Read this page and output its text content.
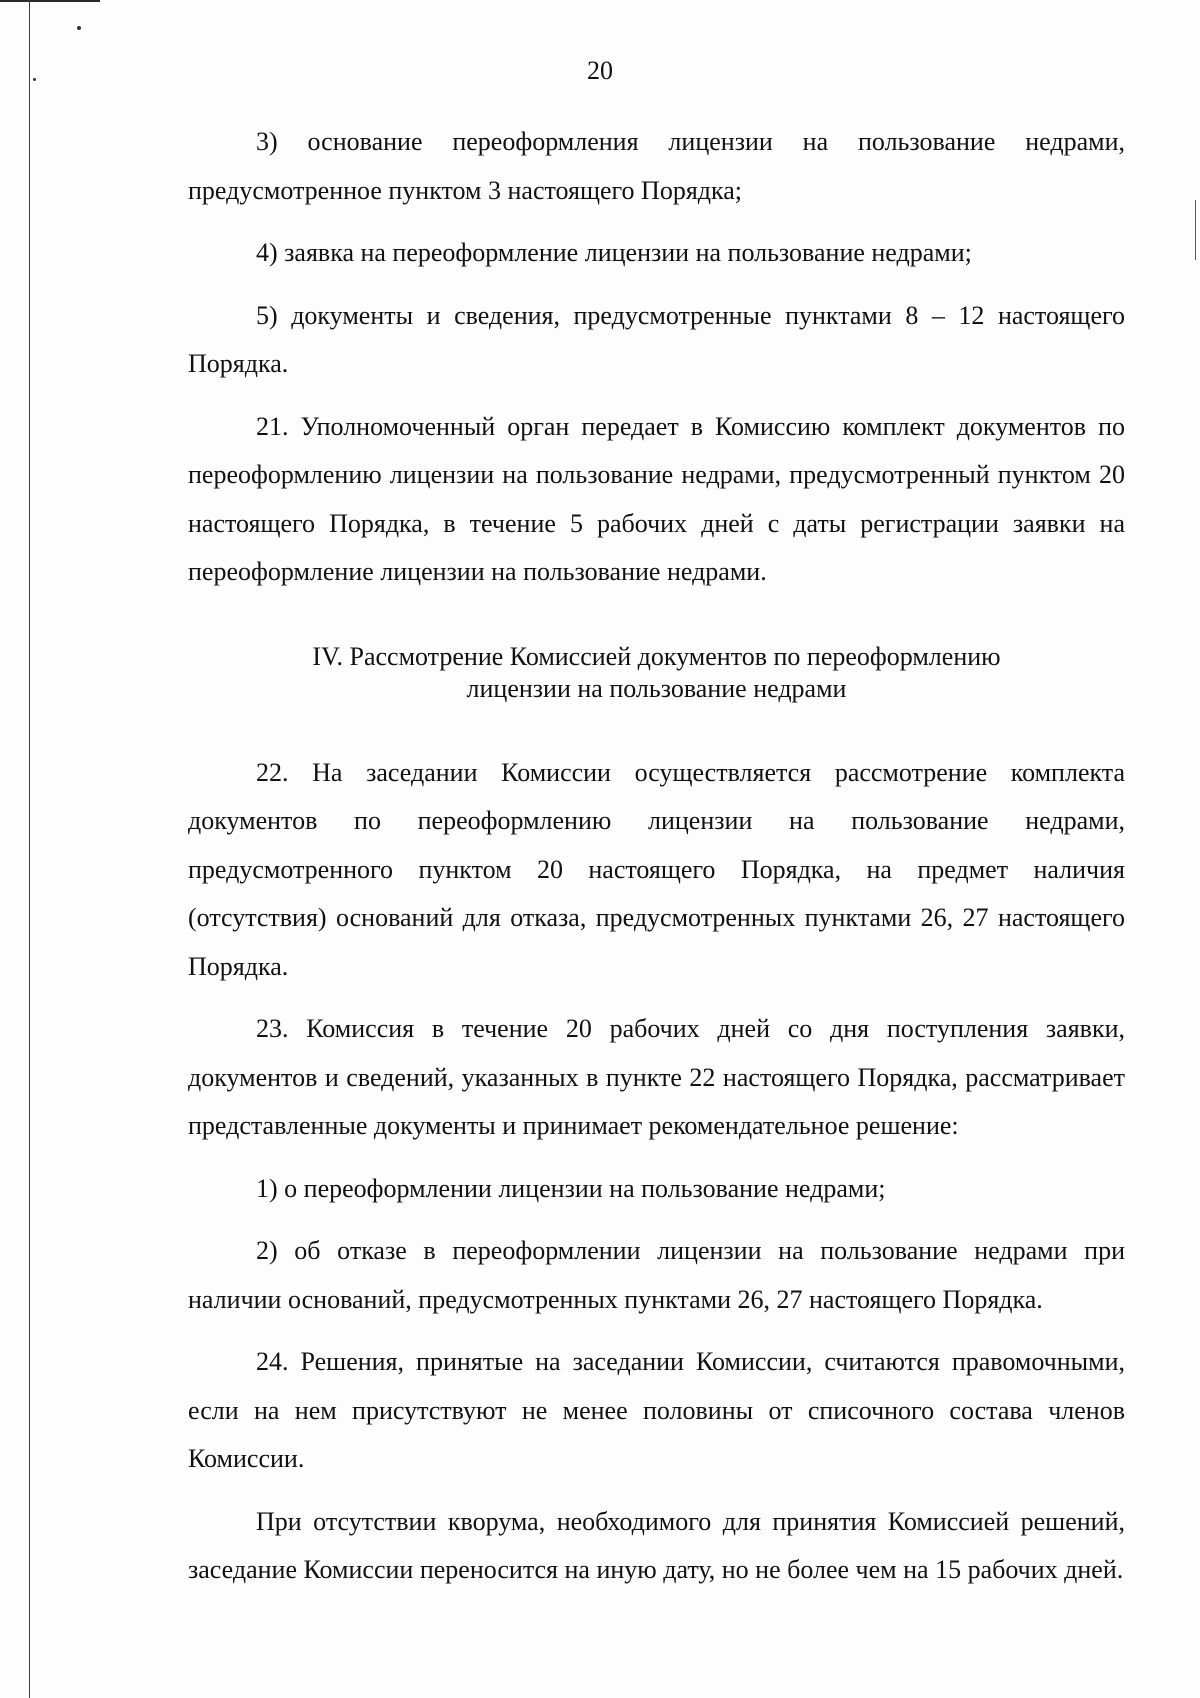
20

3) основание переоформления лицензии на пользование недрами, предусмотренное пунктом 3 настоящего Порядка;

4) заявка на переоформление лицензии на пользование недрами;

5) документы и сведения, предусмотренные пунктами 8 – 12 настоящего Порядка.

21. Уполномоченный орган передает в Комиссию комплект документов по переоформлению лицензии на пользование недрами, предусмотренный пунктом 20 настоящего Порядка, в течение 5 рабочих дней с даты регистрации заявки на переоформление лицензии на пользование недрами.

IV. Рассмотрение Комиссией документов по переоформлению
лицензии на пользование недрами

22. На заседании Комиссии осуществляется рассмотрение комплекта документов по переоформлению лицензии на пользование недрами, предусмотренного пунктом 20 настоящего Порядка, на предмет наличия (отсутствия) оснований для отказа, предусмотренных пунктами 26, 27 настоящего Порядка.

23. Комиссия в течение 20 рабочих дней со дня поступления заявки, документов и сведений, указанных в пункте 22 настоящего Порядка, рассматривает представленные документы и принимает рекомендательное решение:

1) о переоформлении лицензии на пользование недрами;

2) об отказе в переоформлении лицензии на пользование недрами при наличии оснований, предусмотренных пунктами 26, 27 настоящего Порядка.

24. Решения, принятые на заседании Комиссии, считаются правомочными, если на нем присутствуют не менее половины от списочного состава членов Комиссии.

При отсутствии кворума, необходимого для принятия Комиссией решений, заседание Комиссии переносится на иную дату, но не более чем на 15 рабочих дней.
